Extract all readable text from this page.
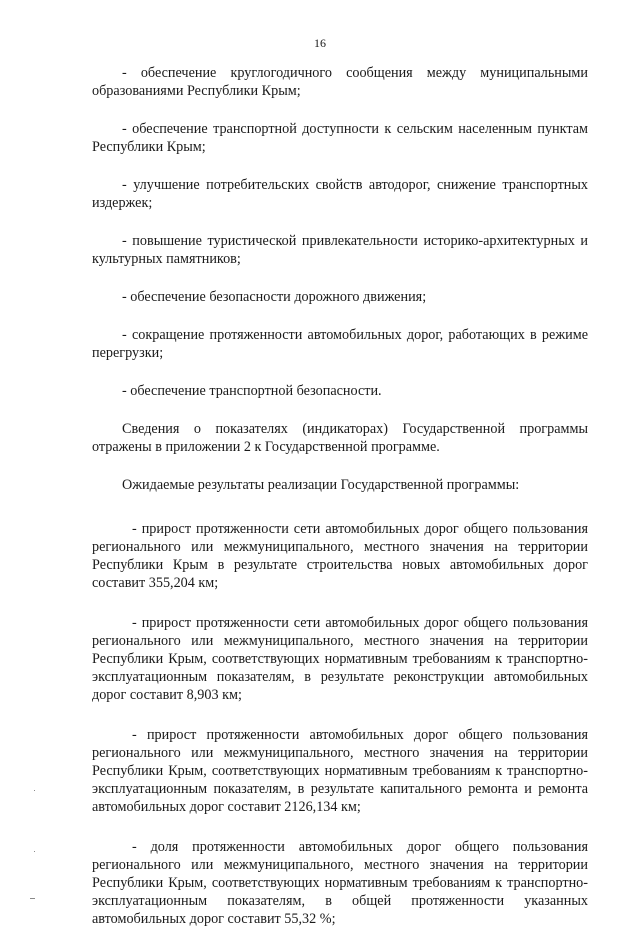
16

- обеспечение круглогодичного сообщения между муниципальными образованиями Республики Крым;

- обеспечение транспортной доступности к сельским населенным пунктам Республики Крым;

- улучшение потребительских свойств автодорог, снижение транспортных издержек;

- повышение туристической привлекательности историко-архитектурных и культурных памятников;

- обеспечение безопасности дорожного движения;

- сокращение протяженности автомобильных дорог, работающих в режиме перегрузки;

- обеспечение транспортной безопасности.

Сведения о показателях (индикаторах) Государственной программы отражены в приложении 2 к Государственной программе.

Ожидаемые результаты реализации Государственной программы:

- прирост протяженности сети автомобильных дорог общего пользования регионального или межмуниципального, местного значения на территории Республики Крым в результате строительства новых автомобильных дорог составит 355,204 км;

- прирост протяженности сети автомобильных дорог общего пользования регионального или межмуниципального, местного значения на территории Республики Крым, соответствующих нормативным требованиям к транспортно-эксплуатационным показателям, в результате реконструкции автомобильных дорог составит 8,903 км;

- прирост протяженности автомобильных дорог общего пользования регионального или межмуниципального, местного значения на территории Республики Крым, соответствующих нормативным требованиям к транспортно-эксплуатационным показателям, в результате капитального ремонта и ремонта автомобильных дорог составит 2126,134 км;

- доля протяженности автомобильных дорог общего пользования регионального или межмуниципального, местного значения на территории Республики Крым, соответствующих нормативным требованиям к транспортно-эксплуатационным показателям, в общей протяженности указанных автомобильных дорог составит 55,32 %;
